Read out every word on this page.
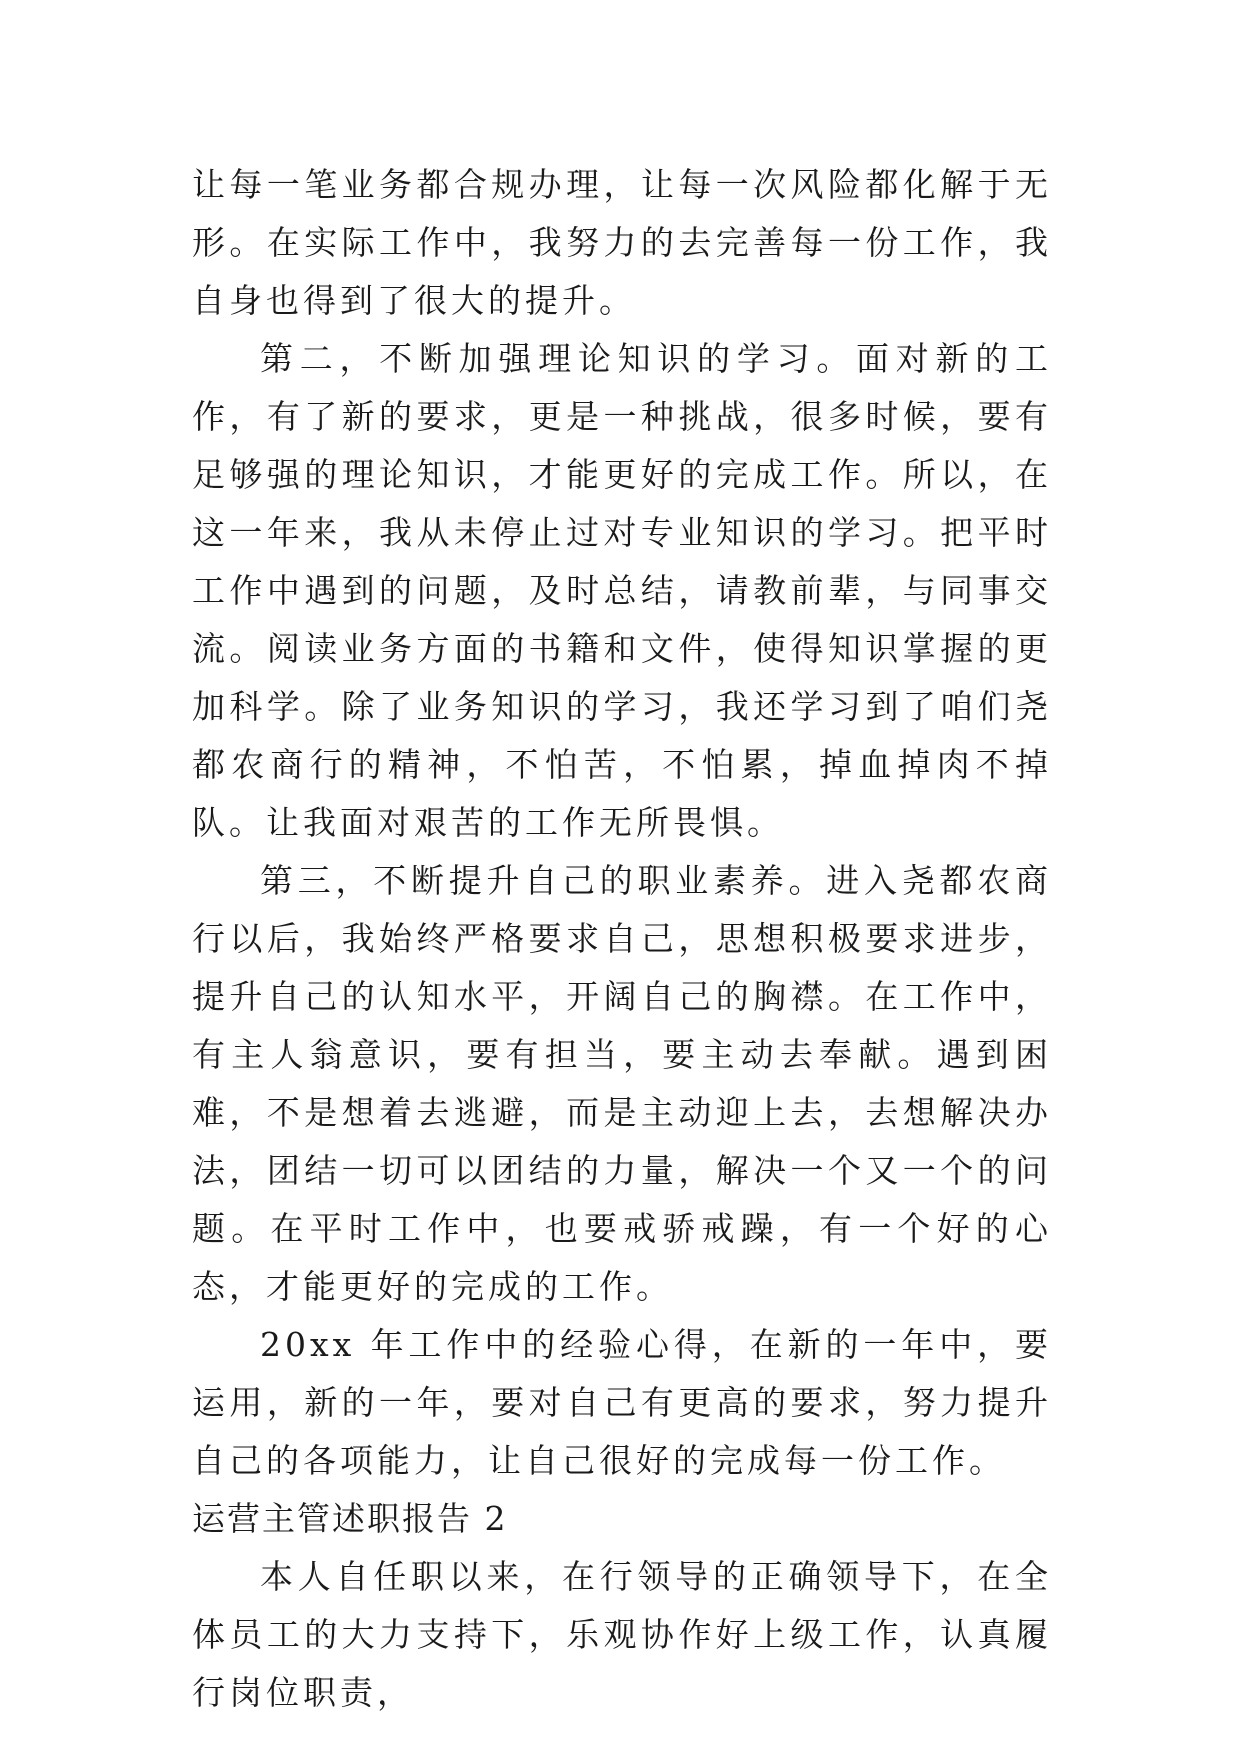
让每一笔业务都合规办理，让每一次风险都化解于无形。在实际工作中，我努力的去完善每一份工作，我自身也得到了很大的提升。

第二，不断加强理论知识的学习。面对新的工作，有了新的要求，更是一种挑战，很多时候，要有足够强的理论知识，才能更好的完成工作。所以，在这一年来，我从未停止过对专业知识的学习。把平时工作中遇到的问题，及时总结，请教前辈，与同事交流。阅读业务方面的书籍和文件，使得知识掌握的更加科学。除了业务知识的学习，我还学习到了咱们尧都农商行的精神，不怕苦，不怕累，掉血掉肉不掉队。让我面对艰苦的工作无所畏惧。

第三，不断提升自己的职业素养。进入尧都农商行以后，我始终严格要求自己，思想积极要求进步，提升自己的认知水平，开阔自己的胸襟。在工作中，有主人翁意识，要有担当，要主动去奉献。遇到困难，不是想着去逃避，而是主动迎上去，去想解决办法，团结一切可以团结的力量，解决一个又一个的问题。在平时工作中，也要戒骄戒躁，有一个好的心态，才能更好的完成的工作。

20xx 年工作中的经验心得，在新的一年中，要运用，新的一年，要对自己有更高的要求，努力提升自己的各项能力，让自己很好的完成每一份工作。

运营主管述职报告 2

本人自任职以来，在行领导的正确领导下，在全体员工的大力支持下，乐观协作好上级工作，认真履行岗位职责，
